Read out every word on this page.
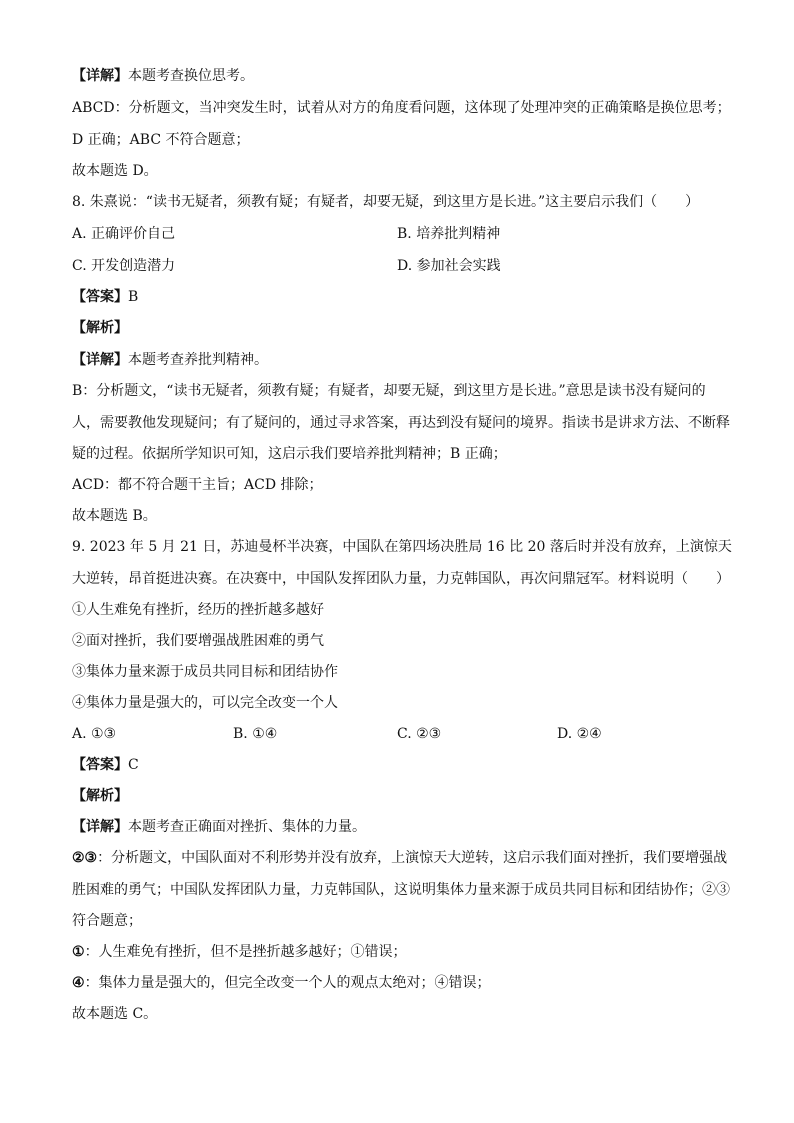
【详解】本题考查换位思考。
ABCD：分析题文，当冲突发生时，试着从对方的角度看问题，这体现了处理冲突的正确策略是换位思考；
D 正确；ABC 不符合题意；
故本题选 D。
8. 朱熹说：“读书无疑者，须教有疑；有疑者，却要无疑，到这里方是长进。”这主要启示我们（　　）
A. 正确评价自己	B. 培养批判精神
C. 开发创造潜力	D. 参加社会实践
【答案】B
【解析】
【详解】本题考查养批判精神。
B：分析题文，“读书无疑者，须教有疑；有疑者，却要无疑，到这里方是长进。”意思是读书没有疑问的人，需要教他发现疑问；有了疑问的，通过寻求答案，再达到没有疑问的境界。指读书是讲求方法、不断释疑的过程。依据所学知识可知，这启示我们要培养批判精神；B 正确；
ACD：都不符合题干主旨；ACD 排除；
故本题选 B。
9. 2023 年 5 月 21 日，苏迪曼杯半决赛，中国队在第四场决胜局 16 比 20 落后时并没有放弃，上演惊天大逆转，昂首挺进决赛。在决赛中，中国队发挥团队力量，力克韩国队，再次问鼎冠军。材料说明（　　）
①人生难免有挫折，经历的挫折越多越好
②面对挫折，我们要增强战胜困难的勇气
③集体力量来源于成员共同目标和团结协作
④集体力量是强大的，可以完全改变一个人
A. ①③	B. ①④	C. ②③	D. ②④
【答案】C
【解析】
【详解】本题考查正确面对挫折、集体的力量。
②③：分析题文，中国队面对不利形势并没有放弃，上演惊天大逆转，这启示我们面对挫折，我们要增强战胜困难的勇气；中国队发挥团队力量，力克韩国队，这说明集体力量来源于成员共同目标和团结协作；②③符合题意；
①：人生难免有挫折，但不是挫折越多越好；①错误；
④：集体力量是强大的，但完全改变一个人的观点太绝对；④错误；
故本题选 C。
